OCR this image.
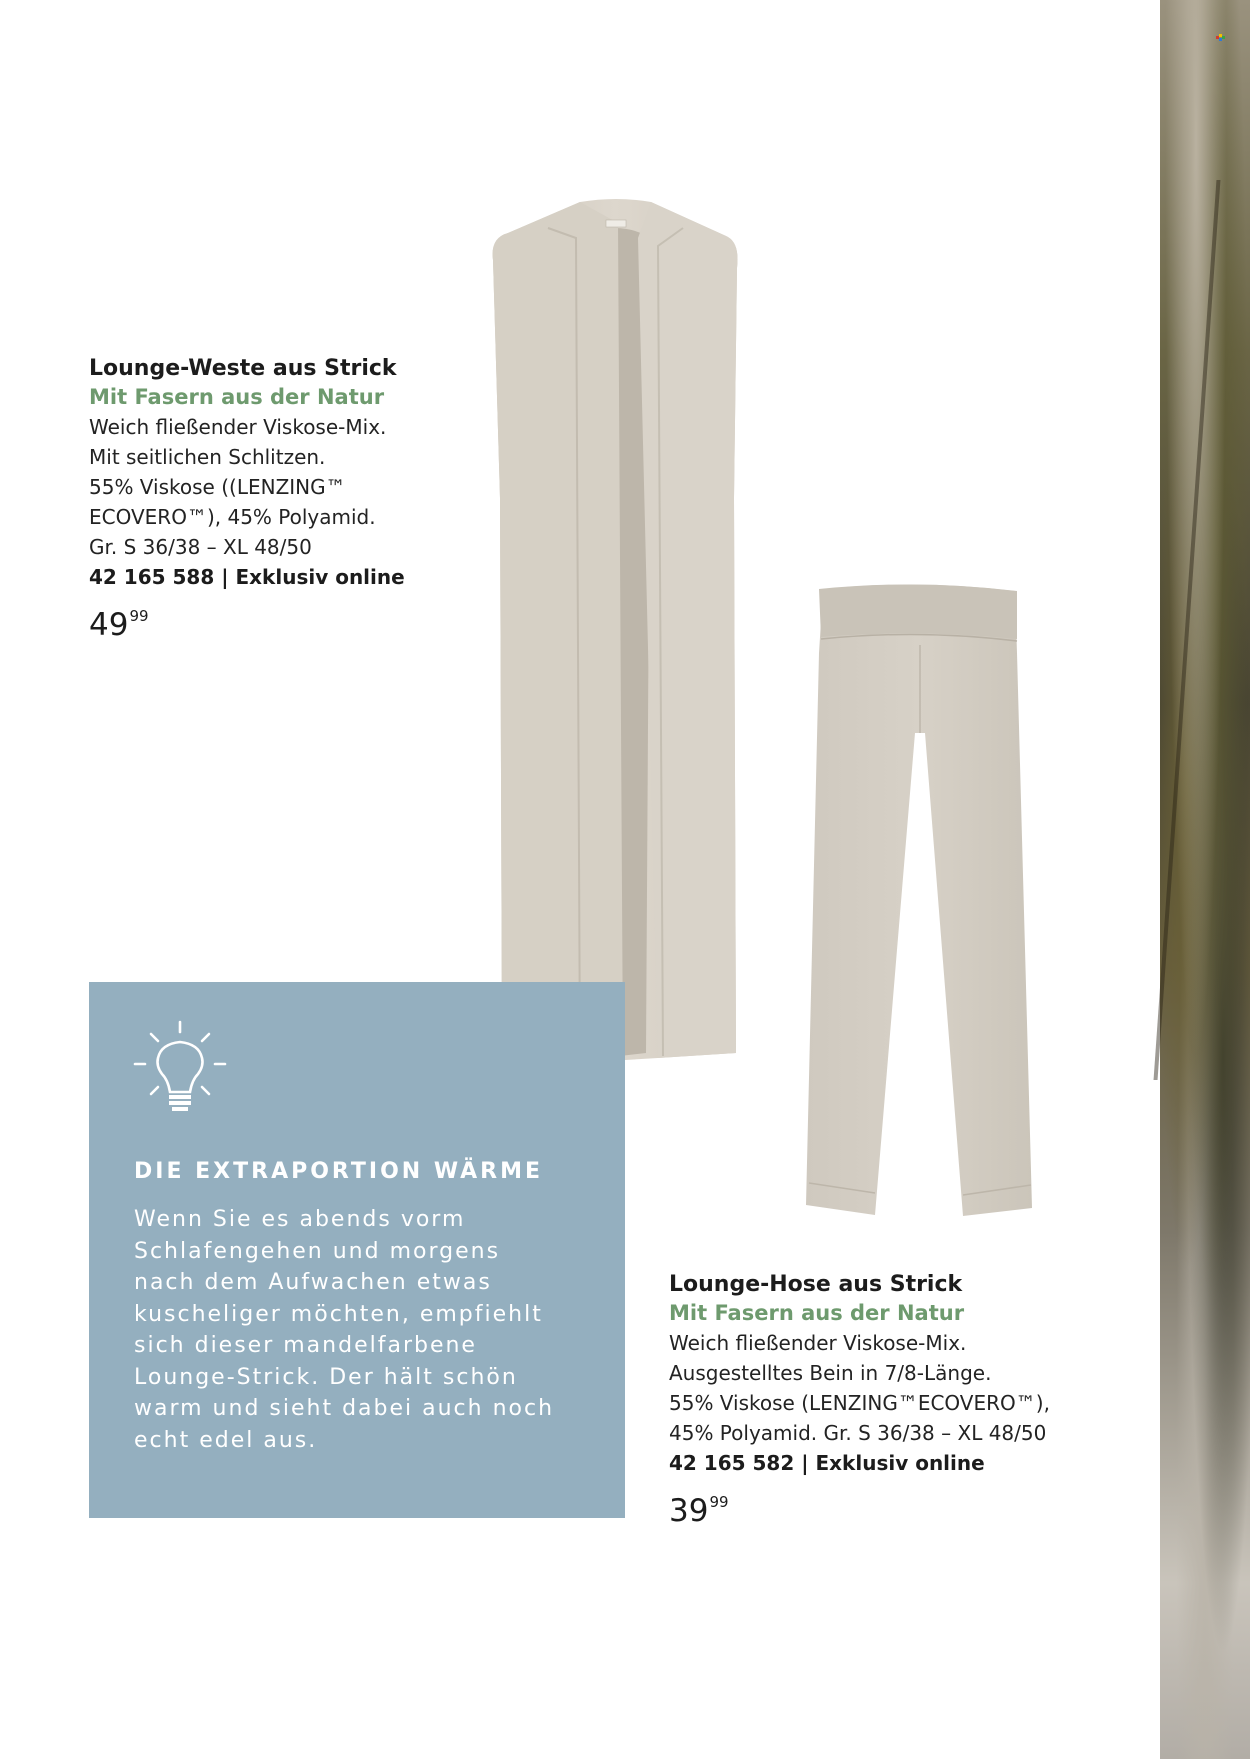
Lounge-Weste aus Strick

Mit Fasern aus der Natur

Weich fließender Viskose-Mix.

Mit seitlichen Schlitzen.

55% Viskose ((LENZING™

ECOVERO™), 45% Polyamid.

Gr. S 36/38 – XL 48/50

42 165 588 | Exklusiv online

$49^{99}$

Lounge-Hose aus Strick

Mit Fasern aus der Natur

Weich fließender Viskose-Mix.

Ausgestelltes Bein in 7/8-Länge.

55% Viskose (LENZING™ECOVERO™),

45% Polyamid. Gr. S 36/38 – XL 48/50

42 165 582 | Exklusiv online

$39^{99}$
DIE EXTRAPORTION WÄRME
Wenn Sie es abends vorm
Schlafengehen und morgens
nach dem Aufwachen etwas
kuscheliger möchten, empfiehlt
sich dieser mandelfarbene
Lounge-Strick. Der hält schön
warm und sieht dabei auch noch
echt edel aus.
